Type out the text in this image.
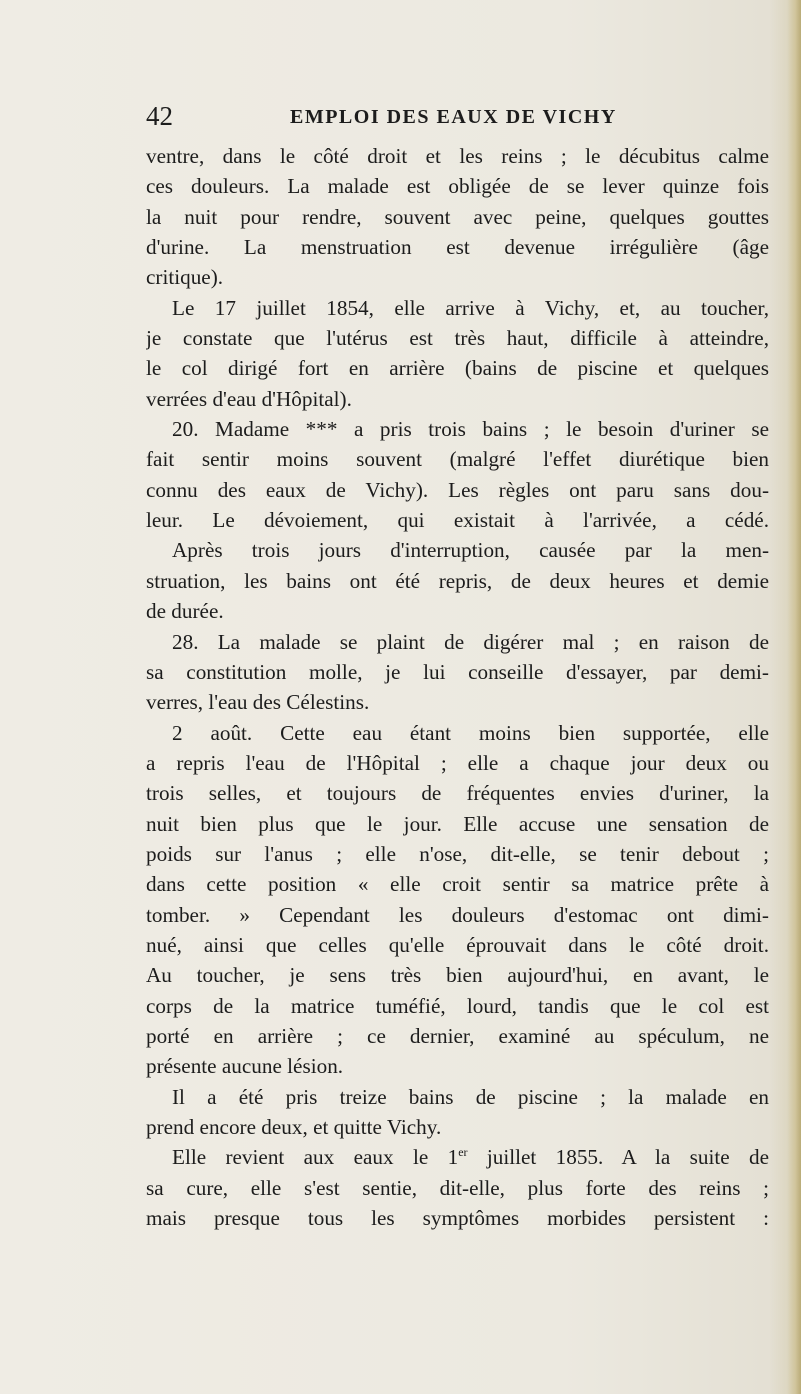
42	EMPLOI DES EAUX DE VICHY
ventre, dans le côté droit et les reins ; le décubitus calme
ces douleurs. La malade est obligée de se lever quinze fois
la nuit pour rendre, souvent avec peine, quelques gouttes
d'urine. La menstruation est devenue irrégulière (âge
critique).
Le 17 juillet 1854, elle arrive à Vichy, et, au toucher,
je constate que l'utérus est très haut, difficile à atteindre,
le col dirigé fort en arrière (bains de piscine et quelques
verrées d'eau d'Hôpital).
20. Madame *** a pris trois bains ; le besoin d'uriner se
fait sentir moins souvent (malgré l'effet diurétique bien
connu des eaux de Vichy). Les règles ont paru sans dou-
leur. Le dévoiement, qui existait à l'arrivée, a cédé.
Après trois jours d'interruption, causée par la men-
struation, les bains ont été repris, de deux heures et demie
de durée.
28. La malade se plaint de digérer mal ; en raison de
sa constitution molle, je lui conseille d'essayer, par demi-
verres, l'eau des Célestins.
2 août. Cette eau étant moins bien supportée, elle
a repris l'eau de l'Hôpital ; elle a chaque jour deux ou
trois selles, et toujours de fréquentes envies d'uriner, la
nuit bien plus que le jour. Elle accuse une sensation de
poids sur l'anus ; elle n'ose, dit-elle, se tenir debout ;
dans cette position « elle croit sentir sa matrice prête à
tomber. » Cependant les douleurs d'estomac ont dimi-
nué, ainsi que celles qu'elle éprouvait dans le côté droit.
Au toucher, je sens très bien aujourd'hui, en avant, le
corps de la matrice tuméfié, lourd, tandis que le col est
porté en arrière ; ce dernier, examiné au spéculum, ne
présente aucune lésion.
Il a été pris treize bains de piscine ; la malade en
prend encore deux, et quitte Vichy.
Elle revient aux eaux le 1er juillet 1855. A la suite de
sa cure, elle s'est sentie, dit-elle, plus forte des reins ;
mais presque tous les symptômes morbides persistent :
